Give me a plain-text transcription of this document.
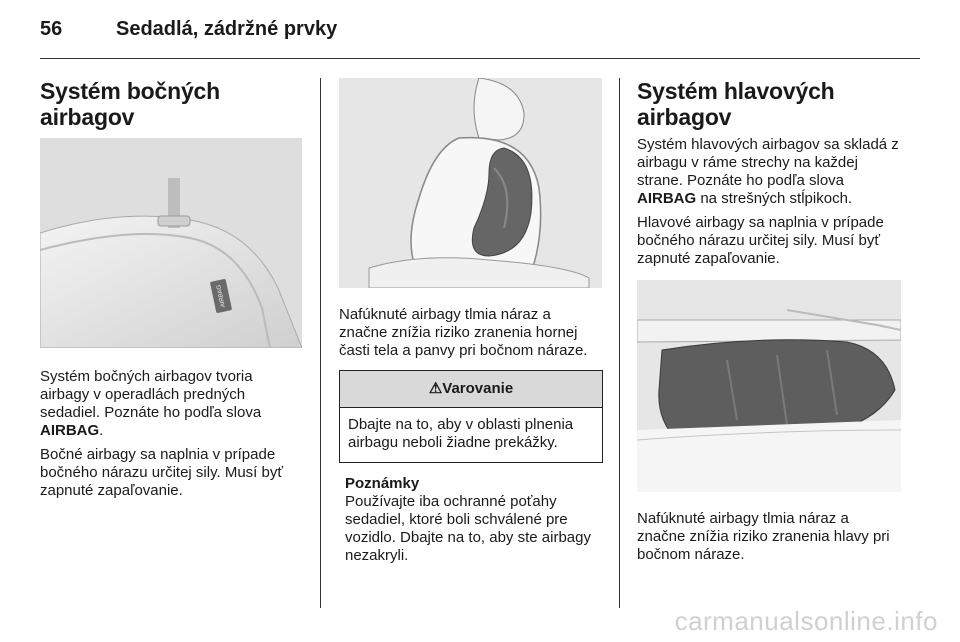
56	Sedadlá, zádržné prvky
Systém bočných airbagov
AIRBAG

Systém bočných airbagov tvoria airbagy v operadlách predných sedadiel. Poznáte ho podľa slova
AIRBAG.

Bočné airbagy sa naplnia v prípade bočného nárazu určitej sily. Musí byť zapnuté zapaľovanie.

Nafúknuté airbagy tlmia náraz a značne znížia riziko zranenia hornej časti tela a panvy pri bočnom náraze.

⚠Varovanie
Dbajte na to, aby v oblasti plnenia airbagu neboli žiadne prekážky.
Poznámky

Používajte iba ochranné poťahy sedadiel, ktoré boli schválené pre vozidlo. Dbajte na to, aby ste airbagy nezakryli.

Systém hlavových airbagov

Systém hlavových airbagov sa skladá z airbagu v ráme strechy na každej strane. Poznáte ho podľa slova
AIRBAG na strešných stĺpikoch.

Hlavové airbagy sa naplnia v prípade bočného nárazu určitej sily. Musí byť zapnuté zapaľovanie.

Nafúknuté airbagy tlmia náraz a značne znížia riziko zranenia hlavy pri bočnom náraze.

carmanualsonline.info
